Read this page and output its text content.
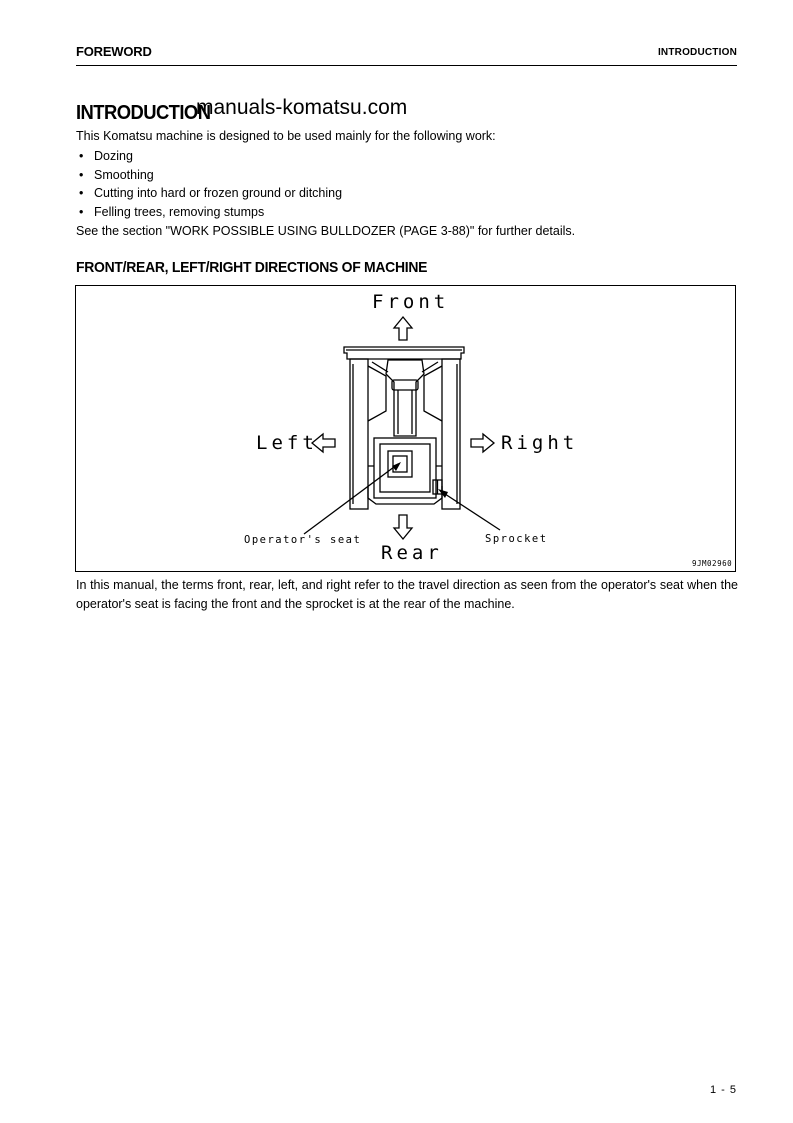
FOREWORD	INTRODUCTION
INTRODUCTION
manuals-komatsu.com
This Komatsu machine is designed to be used mainly for the following work:
• Dozing
• Smoothing
• Cutting into hard or frozen ground or ditching
• Felling trees, removing stumps
See the section "WORK POSSIBLE USING BULLDOZER (PAGE 3-88)" for further details.
FRONT/REAR, LEFT/RIGHT DIRECTIONS OF MACHINE
Front
Rear
Left	Right
Operator's seat	Sprocket
9JM02960
In this manual, the terms front, rear, left, and right refer to the travel direction as seen from the operator's seat when the operator's seat is facing the front and the sprocket is at the rear of the machine.
1 - 5
